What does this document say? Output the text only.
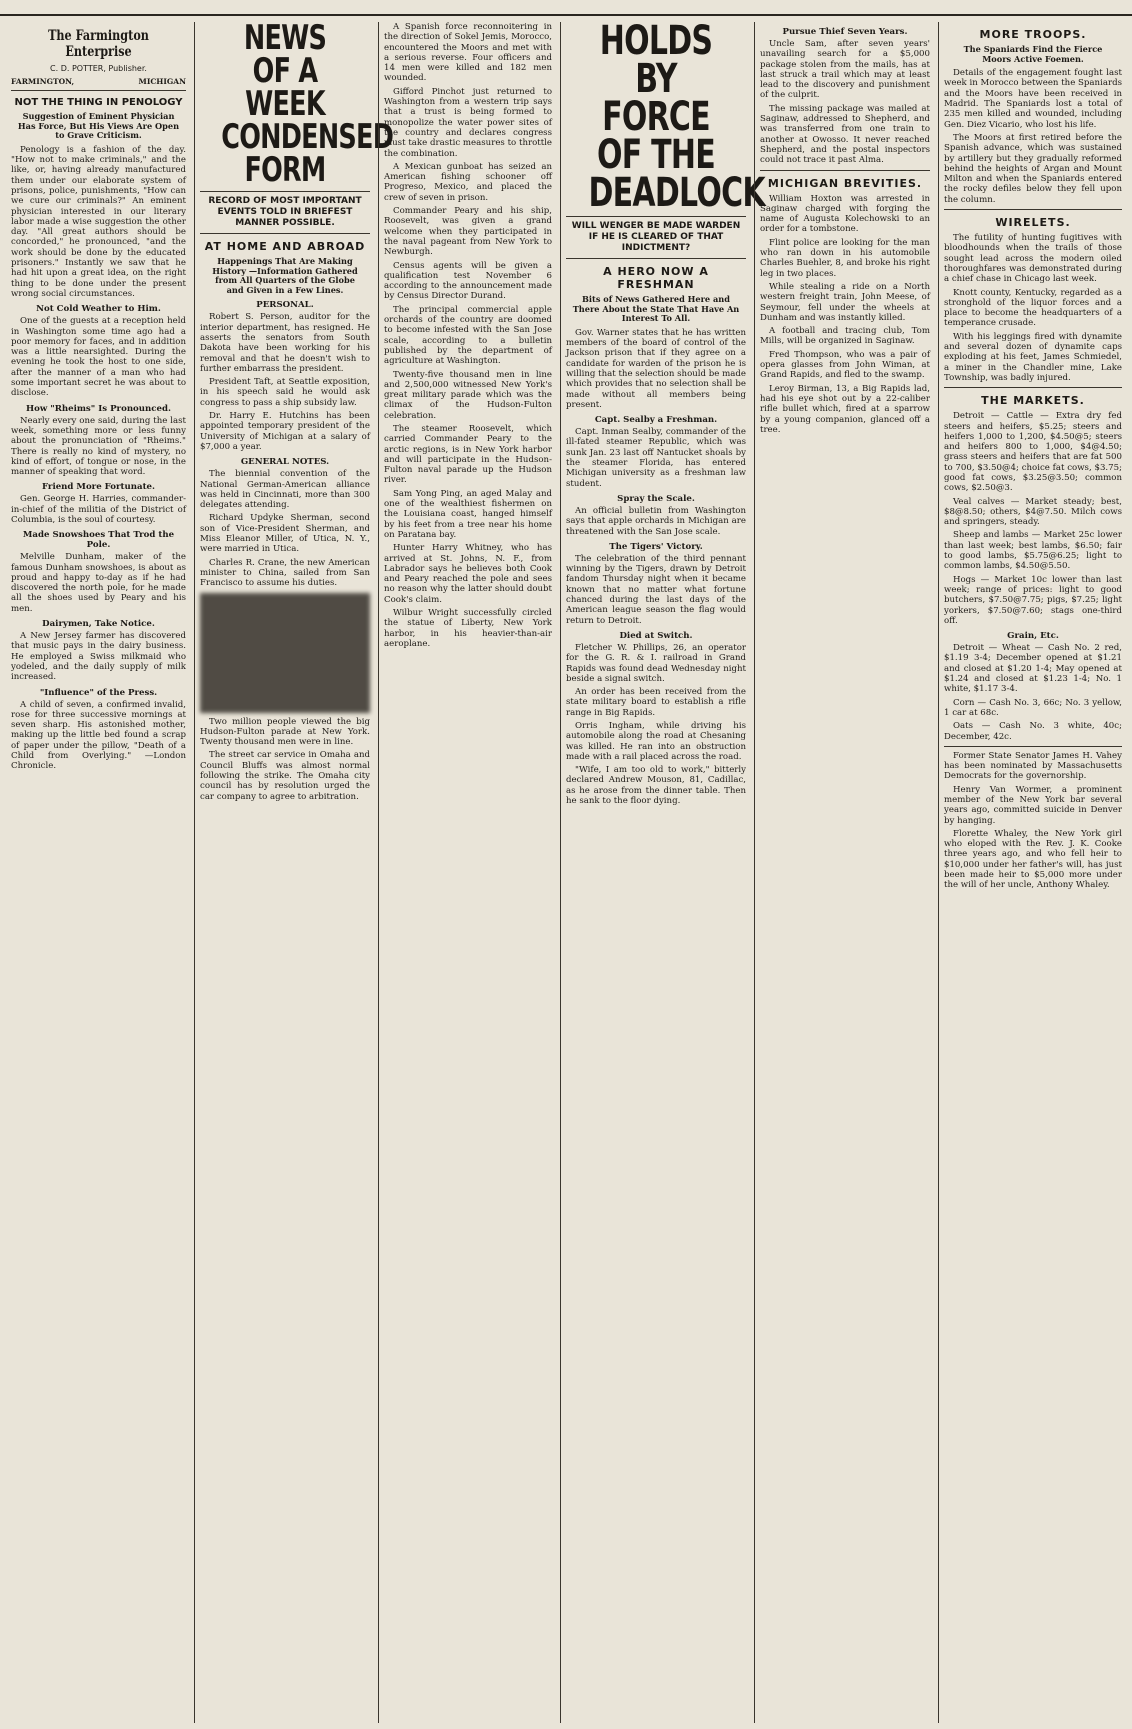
The Farmington Enterprise
C. D. POTTER, Publisher.
FARMINGTON,	MICHIGAN
NOT THE THING IN PENOLOGY
Suggestion of Eminent Physician Has Force, But His Views Are Open to Grave Criticism.

Penology is a fashion of the day. "How not to make criminals," and the like, or, having already manufactured them under our elaborate system of prisons, police, punishments, "How can we cure our criminals?" An eminent physician interested in our literary labor made a wise suggestion the other day. "All great authors should be concorded," he pronounced, "and the work should be done by the educated prisoners." Instantly we saw that he had hit upon a great idea, on the right thing to be done under the present wrong social circumstances.

Not Cold Weather to Him.

One of the guests at a reception held in Washington some time ago had a poor memory for faces, and in addition was a little nearsighted. During the evening he took the host to one side, after the manner of a man who had some important secret he was about to disclose.

How "Rheims" Is Pronounced.

Nearly every one said, during the last week, something more or less funny about the pronunciation of "Rheims." There is really no kind of mystery, no kind of effort, of tongue or nose, in the manner of speaking that word.

Friend More Fortunate.

Gen. George H. Harries, commander-in-chief of the militia of the District of Columbia, is the soul of courtesy.

Made Snowshoes That Trod the Pole.

Melville Dunham, maker of the famous Dunham snowshoes, is about as proud and happy to-day as if he had discovered the north pole, for he made all the shoes used by Peary and his men.

Dairymen, Take Notice.

A New Jersey farmer has discovered that music pays in the dairy business. He employed a Swiss milkmaid who yodeled, and the daily supply of milk increased.

"Influence" of the Press.

A child of seven, a confirmed invalid, rose for three successive mornings at seven sharp. His astonished mother, making up the little bed found a scrap of paper under the pillow, "Death of a Child from Overlying." —London Chronicle.

NEWS OF A WEEK CONDENSED FORM
RECORD OF MOST IMPORTANT EVENTS TOLD IN BRIEFEST MANNER POSSIBLE.
AT HOME AND ABROAD
Happenings That Are Making History —Information Gathered from All Quarters of the Globe and Given in a Few Lines.
PERSONAL.

Robert S. Person, auditor for the interior department, has resigned. He asserts the senators from South Dakota have been working for his removal and that he doesn't wish to further embarrass the president.

President Taft, at Seattle exposition, in his speech said he would ask congress to pass a ship subsidy law.

Dr. Harry E. Hutchins has been appointed temporary president of the University of Michigan at a salary of $7,000 a year.

GENERAL NOTES.

The biennial convention of the National German-American alliance was held in Cincinnati, more than 300 delegates attending.

Richard Updyke Sherman, second son of Vice-President Sherman, and Miss Eleanor Miller, of Utica, N. Y., were married in Utica.

Charles R. Crane, the new American minister to China, sailed from San Francisco to assume his duties.

Two million people viewed the big Hudson-Fulton parade at New York. Twenty thousand men were in line.

The street car service in Omaha and Council Bluffs was almost normal following the strike. The Omaha city council has by resolution urged the car company to agree to arbitration.

A Spanish force reconnoitering in the direction of Sokel Jemis, Morocco, encountered the Moors and met with a serious reverse. Four officers and 14 men were killed and 182 men wounded.

Gifford Pinchot just returned to Washington from a western trip says that a trust is being formed to monopolize the water power sites of the country and declares congress must take drastic measures to throttle the combination.

A Mexican gunboat has seized an American fishing schooner off Progreso, Mexico, and placed the crew of seven in prison.

Commander Peary and his ship, Roosevelt, was given a grand welcome when they participated in the naval pageant from New York to Newburgh.

Census agents will be given a qualification test November 6 according to the announcement made by Census Director Durand.

The principal commercial apple orchards of the country are doomed to become infested with the San Jose scale, according to a bulletin published by the department of agriculture at Washington.

Twenty-five thousand men in line and 2,500,000 witnessed New York's great military parade which was the climax of the Hudson-Fulton celebration.

The steamer Roosevelt, which carried Commander Peary to the arctic regions, is in New York harbor and will participate in the Hudson-Fulton naval parade up the Hudson river.

Sam Yong Ping, an aged Malay and one of the wealthiest fishermen on the Louisiana coast, hanged himself by his feet from a tree near his home on Paratana bay.

Hunter Harry Whitney, who has arrived at St. Johns, N. F., from Labrador says he believes both Cook and Peary reached the pole and sees no reason why the latter should doubt Cook's claim.

Wilbur Wright successfully circled the statue of Liberty, New York harbor, in his heavier-than-air aeroplane.

HOLDS BY FORCE OF THE DEADLOCK
WILL WENGER BE MADE WARDEN IF HE IS CLEARED OF THAT INDICTMENT?
A HERO NOW A FRESHMAN
Bits of News Gathered Here and There About the State That Have An Interest To All.

Gov. Warner states that he has written members of the board of control of the Jackson prison that if they agree on a candidate for warden of the prison he is willing that the selection should be made which provides that no selection shall be made without all members being present.

Capt. Sealby a Freshman.

Capt. Inman Sealby, commander of the ill-fated steamer Republic, which was sunk Jan. 23 last off Nantucket shoals by the steamer Florida, has entered Michigan university as a freshman law student.

Spray the Scale.

An official bulletin from Washington says that apple orchards in Michigan are threatened with the San Jose scale.

The Tigers' Victory.

The celebration of the third pennant winning by the Tigers, drawn by Detroit fandom Thursday night when it became known that no matter what fortune chanced during the last days of the American league season the flag would return to Detroit.

Died at Switch.

Fletcher W. Phillips, 26, an operator for the G. R. & I. railroad in Grand Rapids was found dead Wednesday night beside a signal switch.

An order has been received from the state military board to establish a rifle range in Big Rapids.

Orris Ingham, while driving his automobile along the road at Chesaning was killed. He ran into an obstruction made with a rail placed across the road.

"Wife, I am too old to work," bitterly declared Andrew Mouson, 81, Cadillac, as he arose from the dinner table. Then he sank to the floor dying.

Pursue Thief Seven Years.

Uncle Sam, after seven years' unavailing search for a $5,000 package stolen from the mails, has at last struck a trail which may at least lead to the discovery and punishment of the culprit.

The missing package was mailed at Saginaw, addressed to Shepherd, and was transferred from one train to another at Owosso. It never reached Shepherd, and the postal inspectors could not trace it past Alma.

MICHIGAN BREVITIES.

William Hoxton was arrested in Saginaw charged with forging the name of Augusta Kolechowski to an order for a tombstone.

Flint police are looking for the man who ran down in his automobile Charles Buehler, 8, and broke his right leg in two places.

While stealing a ride on a North western freight train, John Meese, of Seymour, fell under the wheels at Dunham and was instantly killed.

A football and tracing club, Tom Mills, will be organized in Saginaw.

Fred Thompson, who was a pair of opera glasses from John Wiman, at Grand Rapids, and fled to the swamp.

Leroy Birman, 13, a Big Rapids lad, had his eye shot out by a 22-caliber rifle bullet which, fired at a sparrow by a young companion, glanced off a tree.

MORE TROOPS.
The Spaniards Find the Fierce Moors Active Foemen.

Details of the engagement fought last week in Morocco between the Spaniards and the Moors have been received in Madrid. The Spaniards lost a total of 235 men killed and wounded, including Gen. Diez Vicario, who lost his life.

The Moors at first retired before the Spanish advance, which was sustained by artillery but they gradually reformed behind the heights of Argan and Mount Milton and when the Spaniards entered the rocky defiles below they fell upon the column.

WIRELETS.

The futility of hunting fugitives with bloodhounds when the trails of those sought lead across the modern oiled thoroughfares was demonstrated during a chief chase in Chicago last week.

Knott county, Kentucky, regarded as a stronghold of the liquor forces and a place to become the headquarters of a temperance crusade.

With his leggings fired with dynamite and several dozen of dynamite caps exploding at his feet, James Schmiedel, a miner in the Chandler mine, Lake Township, was badly injured.

THE MARKETS.

Detroit — Cattle — Extra dry fed steers and heifers, $5.25; steers and heifers 1,000 to 1,200, $4.50@5; steers and heifers 800 to 1,000, $4@4.50; grass steers and heifers that are fat 500 to 700, $3.50@4; choice fat cows, $3.75; good fat cows, $3.25@3.50; common cows, $2.50@3.

Veal calves — Market steady; best, $8@8.50; others, $4@7.50. Milch cows and springers, steady.

Sheep and lambs — Market 25c lower than last week; best lambs, $6.50; fair to good lambs, $5.75@6.25; light to common lambs, $4.50@5.50.

Hogs — Market 10c lower than last week; range of prices: light to good butchers, $7.50@7.75; pigs, $7.25; light yorkers, $7.50@7.60; stags one-third off.

Grain, Etc.

Detroit — Wheat — Cash No. 2 red, $1.19 3-4; December opened at $1.21 and closed at $1.20 1-4; May opened at $1.24 and closed at $1.23 1-4; No. 1 white, $1.17 3-4.

Corn — Cash No. 3, 66c; No. 3 yellow, 1 car at 68c.

Oats — Cash No. 3 white, 40c; December, 42c.

Former State Senator James H. Vahey has been nominated by Massachusetts Democrats for the governorship.

Henry Van Wormer, a prominent member of the New York bar several years ago, committed suicide in Denver by hanging.

Florette Whaley, the New York girl who eloped with the Rev. J. K. Cooke three years ago, and who fell heir to $10,000 under her father's will, has just been made heir to $5,000 more under the will of her uncle, Anthony Whaley.
